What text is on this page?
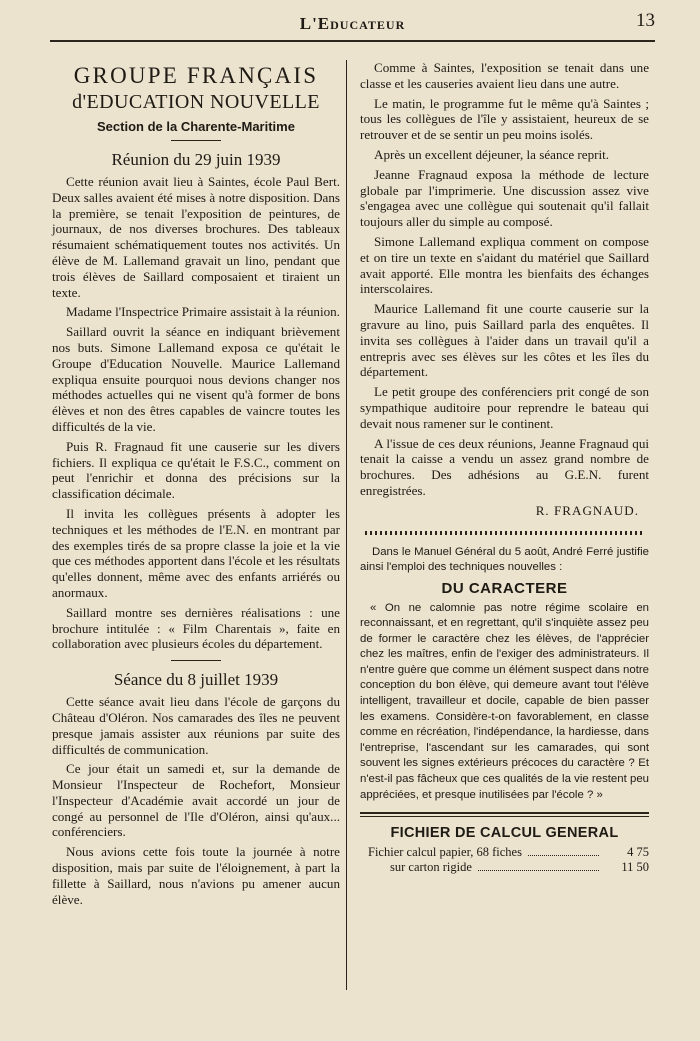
L'Educateur	13
GROUPE FRANÇAIS
d'EDUCATION NOUVELLE
Section de la Charente-Maritime
Réunion du 29 juin 1939

Cette réunion avait lieu à Saintes, école Paul Bert. Deux salles avaient été mises à notre disposition. Dans la première, se tenait l'exposition de peintures, de journaux, de nos diverses brochures. Des tableaux résumaient schématiquement toutes nos activités. Un élève de M. Lallemand gravait un lino, pendant que trois élèves de Saillard composaient et tiraient un texte.

Madame l'Inspectrice Primaire assistait à la réunion.

Saillard ouvrit la séance en indiquant brièvement nos buts. Simone Lallemand exposa ce qu'était le Groupe d'Education Nouvelle. Maurice Lallemand expliqua ensuite pourquoi nous devions changer nos méthodes actuelles qui ne visent qu'à former de bons élèves et non des êtres capables de vaincre toutes les difficultés de la vie.

Puis R. Fragnaud fit une causerie sur les divers fichiers. Il expliqua ce qu'était le F.S.C., comment on peut l'enrichir et donna des précisions sur la classification décimale.

Il invita les collègues présents à adopter les techniques et les méthodes de l'E.N. en montrant par des exemples tirés de sa propre classe la joie et la vie que ces méthodes apportent dans l'école et les résultats qu'elles donnent, même avec des enfants arriérés ou anormaux.

Saillard montre ses dernières réalisations : une brochure intitulée : « Film Charentais », faite en collaboration avec plusieurs écoles du département.

Séance du 8 juillet 1939

Cette séance avait lieu dans l'école de garçons du Château d'Oléron. Nos camarades des îles ne peuvent presque jamais assister aux réunions par suite des difficultés de communication.

Ce jour était un samedi et, sur la demande de Monsieur l'Inspecteur de Rochefort, Monsieur l'Inspecteur d'Académie avait accordé un jour de congé au personnel de l'Ile d'Oléron, ainsi qu'aux... conférenciers.

Nous avions cette fois toute la journée à notre disposition, mais par suite de l'éloignement, à part la fillette à Saillard, nous n'avions pu amener aucun élève.

Comme à Saintes, l'exposition se tenait dans une classe et les causeries avaient lieu dans une autre.

Le matin, le programme fut le même qu'à Saintes ; tous les collègues de l'île y assistaient, heureux de se retrouver et de se sentir un peu moins isolés.

Après un excellent déjeuner, la séance reprit.

Jeanne Fragnaud exposa la méthode de lecture globale par l'imprimerie. Une discussion assez vive s'engagea avec une collègue qui soutenait qu'il fallait toujours aller du simple au composé.

Simone Lallemand expliqua comment on compose et on tire un texte en s'aidant du matériel que Saillard avait apporté. Elle montra les bienfaits des échanges interscolaires.

Maurice Lallemand fit une courte causerie sur la gravure au lino, puis Saillard parla des enquêtes. Il invita ses collègues à l'aider dans un travail qu'il a entrepris avec ses élèves sur les côtes et les îles du département.

Le petit groupe des conférenciers prit congé de son sympathique auditoire pour reprendre le bateau qui devait nous ramener sur le continent.

A l'issue de ces deux réunions, Jeanne Fragnaud qui tenait la caisse a vendu un assez grand nombre de brochures. Des adhésions au G.E.N. furent enregistrées.

R. FRAGNAUD.

Dans le Manuel Général du 5 août, André Ferré justifie ainsi l'emploi des techniques nouvelles :

DU CARACTERE

« On ne calomnie pas notre régime scolaire en reconnaissant, et en regrettant, qu'il s'inquiète assez peu de former le caractère chez les élèves, de l'apprécier chez les maîtres, enfin de l'exiger des administrateurs. Il n'entre guère que comme un élément suspect dans notre conception du bon élève, qui demeure avant tout l'élève intelligent, travailleur et docile, capable de bien passer les examens. Considère-t-on favorablement, en classe comme en récréation, l'indépendance, la hardiesse, dans l'entreprise, l'ascendant sur les camarades, qui sont souvent les signes extérieurs précoces du caractère ? Et n'est-il pas fâcheux que ces qualités de la vie restent peu appréciées, et presque inutilisées par l'école ? »

FICHIER DE CALCUL GENERAL
Fichier calcul papier, 68 fiches	4 75
sur carton rigide	11 50
